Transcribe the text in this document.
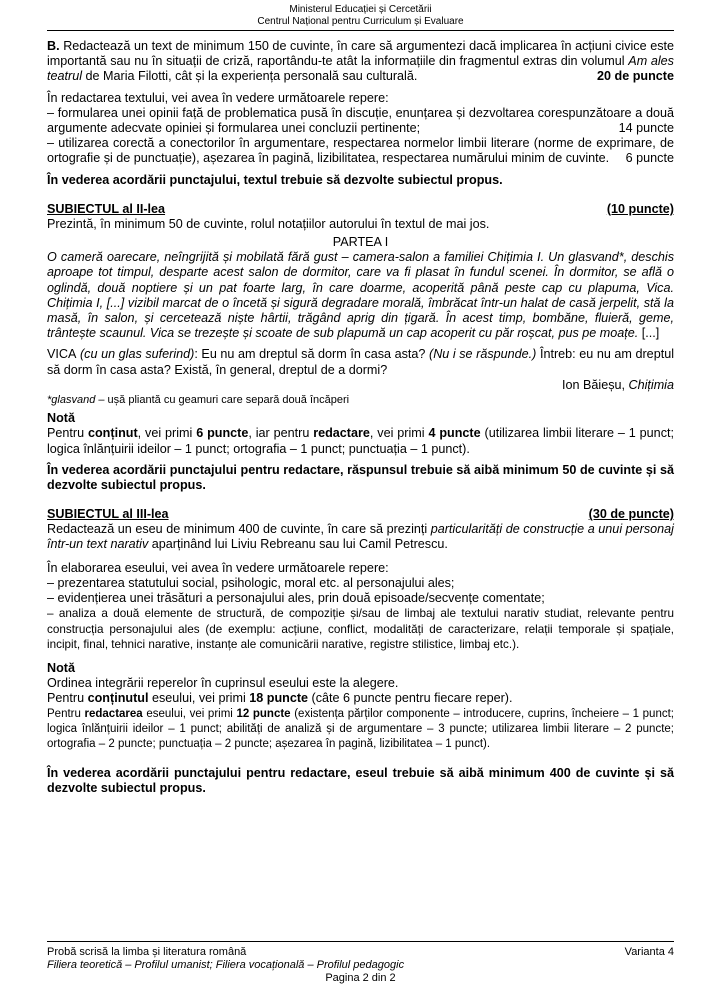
Ministerul Educației și Cercetării
Centrul Național pentru Curriculum și Evaluare

B. Redactează un text de minimum 150 de cuvinte, în care să argumentezi dacă implicarea în acțiuni civice este importantă sau nu în situații de criză, raportându-te atât la informațiile din fragmentul extras din volumul Am ales teatrul de Maria Filotti, cât și la experiența personală sau culturală.	20 de puncte

În redactarea textului, vei avea în vedere următoarele repere:

– formularea unei opinii față de problematica pusă în discuție, enunțarea și dezvoltarea corespunzătoare a două argumente adecvate opiniei și formularea unei concluzii pertinente;	14 puncte

– utilizarea corectă a conectorilor în argumentare, respectarea normelor limbii literare (norme de exprimare, de ortografie și de punctuație), așezarea în pagină, lizibilitatea, respectarea numărului minim de cuvinte. 6 puncte

În vederea acordării punctajului, textul trebuie să dezvolte subiectul propus.

SUBIECTUL al II-lea	(10 puncte)

Prezintă, în minimum 50 de cuvinte, rolul notațiilor autorului în textul de mai jos.

PARTEA I

O cameră oarecare, neîngrijită și mobilată fără gust – camera-salon a familiei Chițimia I. Un glasvand*, deschis aproape tot timpul, desparte acest salon de dormitor, care va fi plasat în fundul scenei. În dormitor, se află o oglindă, două noptiere și un pat foarte larg, în care doarme, acoperită până peste cap cu plapuma, Vica. Chițimia I, [...] vizibil marcat de o încetă și sigură degradare morală, îmbrăcat într-un halat de casă jerpelit, stă la masă, în salon, și cercetează niște hârtii, trăgând aprig din țigară. În acest timp, bombăne, fluieră, geme, trântește scaunul. Vica se trezește și scoate de sub plapumă un cap acoperit cu păr roșcat, pus pe moațe. [...]

VICA (cu un glas suferind): Eu nu am dreptul să dorm în casa asta? (Nu i se răspunde.) Întreb: eu nu am dreptul să dorm în casa asta? Există, în general, dreptul de a dormi?

Ion Băieșu, Chițimia

*glasvand – ușă pliantă cu geamuri care separă două încăperi

Notă

Pentru conținut, vei primi 6 puncte, iar pentru redactare, vei primi 4 puncte (utilizarea limbii literare – 1 punct; logica înlănțuirii ideilor – 1 punct; ortografia – 1 punct; punctuația – 1 punct).

În vederea acordării punctajului pentru redactare, răspunsul trebuie să aibă minimum 50 de cuvinte și să dezvolte subiectul propus.

SUBIECTUL al III-lea	(30 de puncte)

Redactează un eseu de minimum 400 de cuvinte, în care să prezinți particularități de construcție a unui personaj într-un text narativ aparținând lui Liviu Rebreanu sau lui Camil Petrescu.

În elaborarea eseului, vei avea în vedere următoarele repere:

– prezentarea statutului social, psihologic, moral etc. al personajului ales;

– evidențierea unei trăsături a personajului ales, prin două episoade/secvențe comentate;

– analiza a două elemente de structură, de compoziție și/sau de limbaj ale textului narativ studiat, relevante pentru construcția personajului ales (de exemplu: acțiune, conflict, modalități de caracterizare, relații temporale și spațiale, incipit, final, tehnici narative, instanțe ale comunicării narative, registre stilistice, limbaj etc.).

Notă

Ordinea integrării reperelor în cuprinsul eseului este la alegere.

Pentru conținutul eseului, vei primi 18 puncte (câte 6 puncte pentru fiecare reper).

Pentru redactarea eseului, vei primi 12 puncte (existența părților componente – introducere, cuprins, încheiere – 1 punct; logica înlănțuirii ideilor – 1 punct; abilități de analiză și de argumentare – 3 puncte; utilizarea limbii literare – 2 puncte; ortografia – 2 puncte; punctuația – 2 puncte; așezarea în pagină, lizibilitatea – 1 punct).

În vederea acordării punctajului pentru redactare, eseul trebuie să aibă minimum 400 de cuvinte și să dezvolte subiectul propus.

Probă scrisă la limba și literatura română	Varianta 4
Filiera teoretică – Profilul umanist; Filiera vocațională – Profilul pedagogic
Pagina 2 din 2
